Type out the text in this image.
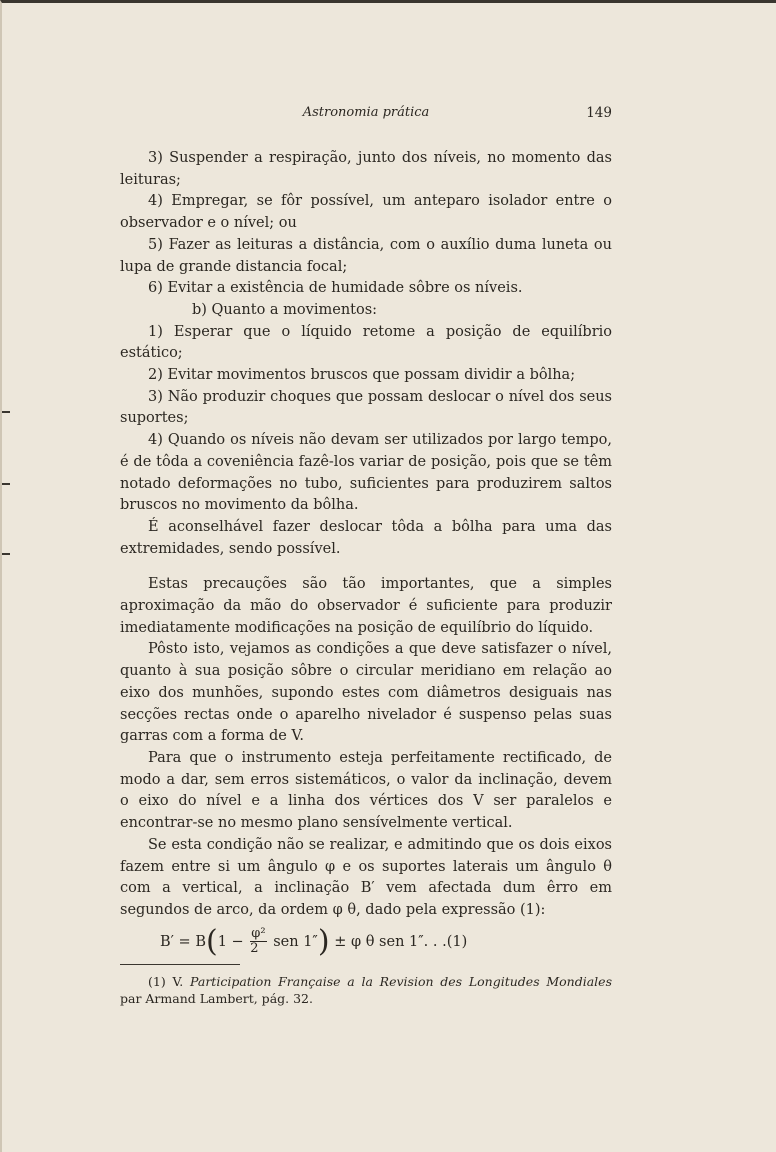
Astronomia prática	149

3) Suspender a respiração, junto dos níveis, no momento das leituras;

4) Empregar, se fôr possível, um anteparo isolador entre o observador e o nível; ou

5) Fazer as leituras a distância, com o auxílio duma luneta ou lupa de grande distancia focal;

6) Evitar a existência de humidade sôbre os níveis.

b) Quanto a movimentos:

1) Esperar que o líquido retome a posição de equilíbrio estático;

2) Evitar movimentos bruscos que possam dividir a bôlha;

3) Não produzir choques que possam deslocar o nível dos seus suportes;

4) Quando os níveis não devam ser utilizados por largo tempo, é de tôda a coveniência fazê-los variar de posição, pois que se têm notado deformações no tubo, suficientes para produzirem saltos bruscos no movimento da bôlha.

É aconselhável fazer deslocar tôda a bôlha para uma das extremidades, sendo possível.

Estas precauções são tão importantes, que a simples aproximação da mão do observador é suficiente para produzir imediatamente modificações na posição de equilíbrio do líquido.

Pôsto isto, vejamos as condições a que deve satisfazer o nível, quanto à sua posição sôbre o circular meridiano em relação ao eixo dos munhões, supondo estes com diâmetros desiguais nas secções rectas onde o aparelho nivelador é suspenso pelas suas garras com a forma de V.

Para que o instrumento esteja perfeitamente rectificado, de modo a dar, sem erros sistemáticos, o valor da inclinação, devem o eixo do nível e a linha dos vértices dos V ser paralelos e encontrar-se no mesmo plano sensívelmente vertical.

Se esta condição não se realizar, e admitindo que os dois eixos fazem entre si um ângulo φ e os suportes laterais um ângulo θ com a vertical, a inclinação B′ vem afectada dum êrro em segundos de arco, da ordem φ θ, dado pela expressão (1):

$B' = B(1 - \frac{\text{φ²}}{2}$ sen 1″) ± φ θ sen 1″. . .(1)

(1) V. Participation Française a la Revision des Longitudes Mondiales par Armand Lambert, pág. 32.
